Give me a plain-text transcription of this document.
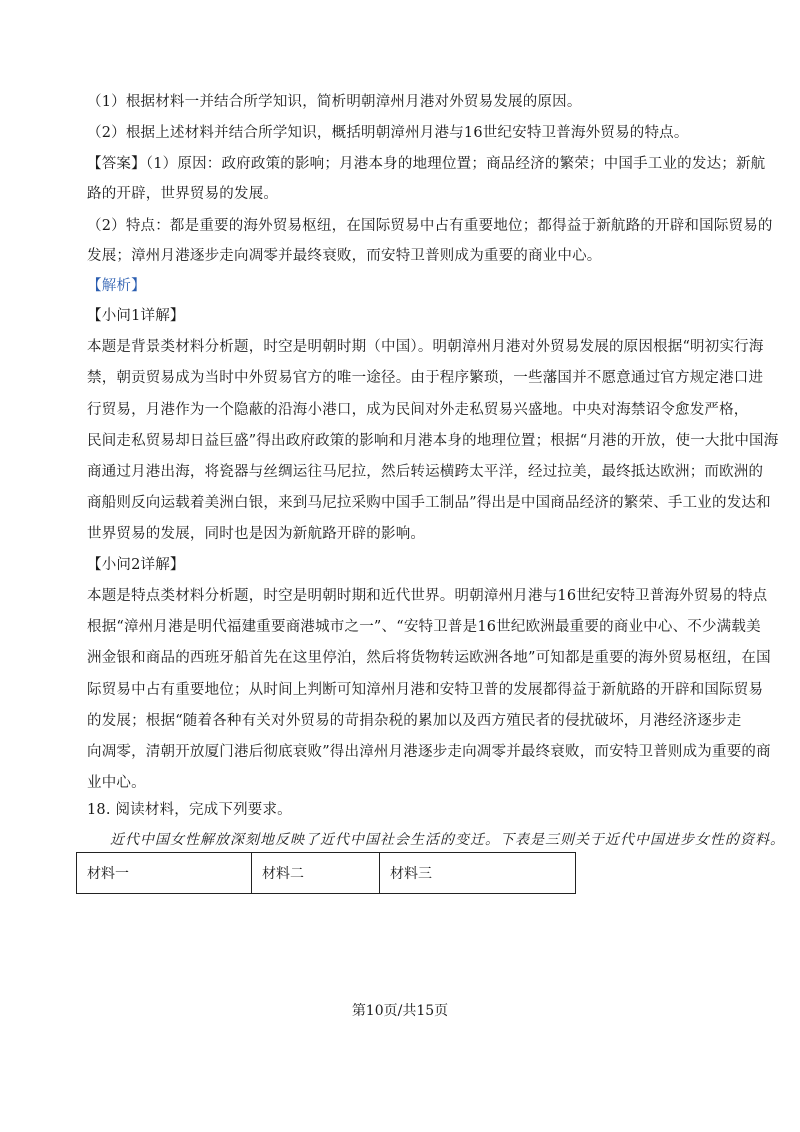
（1）根据材料一并结合所学知识，简析明朝漳州月港对外贸易发展的原因。
（2）根据上述材料并结合所学知识，概括明朝漳州月港与16世纪安特卫普海外贸易的特点。
【答案】（1）原因：政府政策的影响；月港本身的地理位置；商品经济的繁荣；中国手工业的发达；新航
路的开辟，世界贸易的发展。
（2）特点：都是重要的海外贸易枢纽，在国际贸易中占有重要地位；都得益于新航路的开辟和国际贸易的
发展；漳州月港逐步走向凋零并最终衰败，而安特卫普则成为重要的商业中心。
【解析】
【小问1详解】
本题是背景类材料分析题，时空是明朝时期（中国）。明朝漳州月港对外贸易发展的原因根据“明初实行海
禁，朝贡贸易成为当时中外贸易官方的唯一途径。由于程序繁琐，一些藩国并不愿意通过官方规定港口进
行贸易，月港作为一个隐蔽的沿海小港口，成为民间对外走私贸易兴盛地。中央对海禁诏令愈发严格，
民间走私贸易却日益巨盛”得出政府政策的影响和月港本身的地理位置；根据“月港的开放，使一大批中国海
商通过月港出海，将瓷器与丝绸运往马尼拉，然后转运横跨太平洋，经过拉美，最终抵达欧洲；而欧洲的
商船则反向运载着美洲白银，来到马尼拉采购中国手工制品”得出是中国商品经济的繁荣、手工业的发达和
世界贸易的发展，同时也是因为新航路开辟的影响。
【小问2详解】
本题是特点类材料分析题，时空是明朝时期和近代世界。明朝漳州月港与16世纪安特卫普海外贸易的特点
根据“漳州月港是明代福建重要商港城市之一”、“安特卫普是16世纪欧洲最重要的商业中心、不少满载美
洲金银和商品的西班牙船首先在这里停泊，然后将货物转运欧洲各地”可知都是重要的海外贸易枢纽，在国
际贸易中占有重要地位；从时间上判断可知漳州月港和安特卫普的发展都得益于新航路的开辟和国际贸易
的发展；根据“随着各种有关对外贸易的苛捐杂税的累加以及西方殖民者的侵扰破坏，月港经济逐步走
向凋零，清朝开放厦门港后彻底衰败”得出漳州月港逐步走向凋零并最终衰败，而安特卫普则成为重要的商
业中心。
18. 阅读材料，完成下列要求。
近代中国女性解放深刻地反映了近代中国社会生活的变迁。下表是三则关于近代中国进步女性的资料。
材料一	材料二	材料三
第10页/共15页
